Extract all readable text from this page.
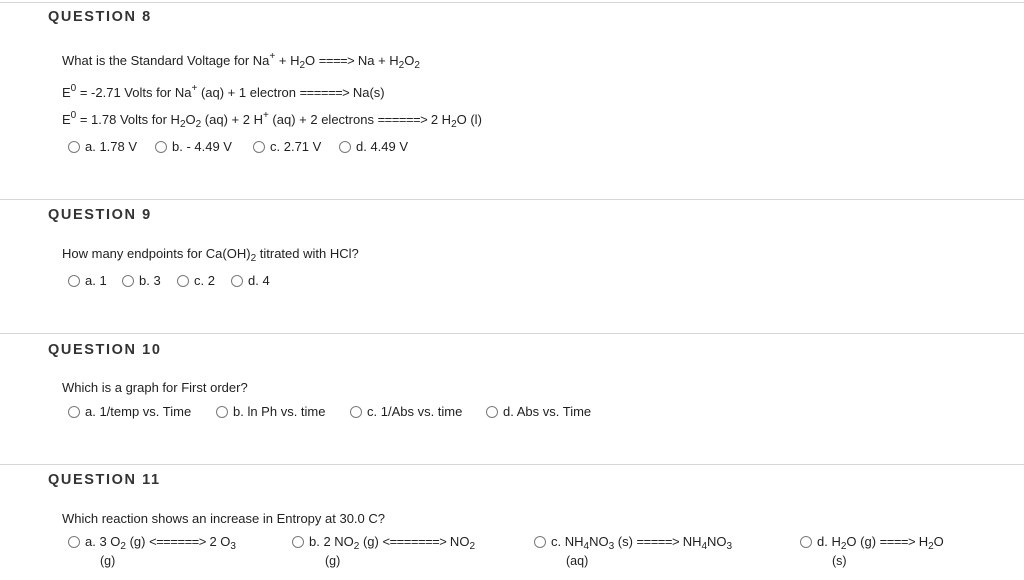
QUESTION 8
What is the Standard Voltage for $Na^+ + H_2O$ ====> $Na + H_2O_2$
$E^0 = -2.71$ Volts for Na+ (aq) + 1 electron ======> Na(s)
$E^0 = 1.78$ Volts for $H_2O_2$ (aq) + 2 H+ (aq) + 2 electrons ======> 2 $H_2O$ (l)
a. 1.78 V	b. - 4.49 V	c. 2.71 V	d. 4.49 V
QUESTION 9
How many endpoints for $Ca(OH)_2$ titrated with HCl?
a. 1	b. 3	c. 2	d. 4
QUESTION 10
Which is a graph for First order?
a. 1/temp vs. Time	b. ln Ph vs. time	c. 1/Abs vs. time	d. Abs vs. Time
QUESTION 11
Which reaction shows an increase in Entropy at 30.0 C?
a. 3 $O_2$ (g) <======> 2 $O_3$
(g)
b. 2 $NO_2$ (g) <=======> $NO_2$
(g)
c. $NH_4NO_3$ (s) =====> $NH_4NO_3$
(aq)
d. $H_2O$ (g) ====> $H_2O$
(s)
